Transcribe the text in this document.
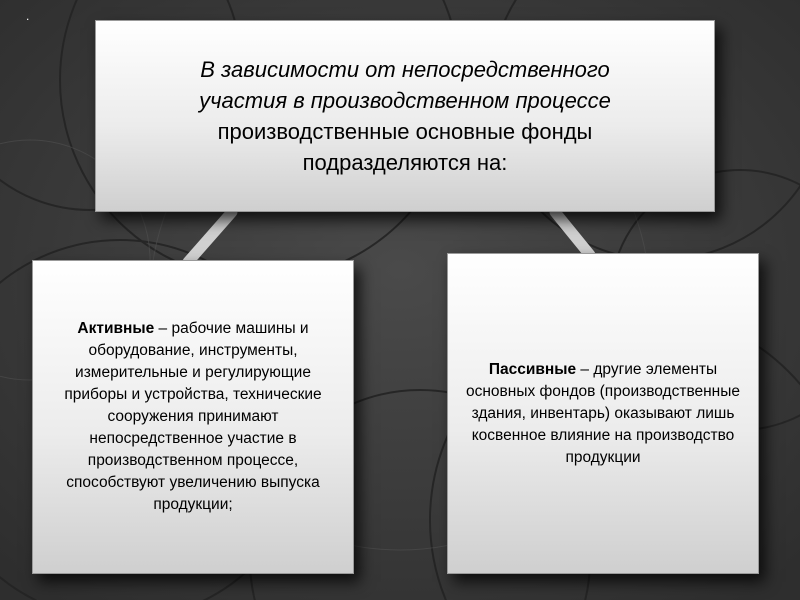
.
В зависимости от непосредственного
участия в производственном процессе
производственные основные фонды
подразделяются на:
Активные – рабочие машины и оборудование, инструменты, измерительные и регулирующие приборы и устройства, технические сооружения принимают непосредственное участие в производственном процессе, способствуют увеличению выпуска продукции;
Пассивные – другие элементы основных фондов (производственные здания, инвентарь) оказывают лишь косвенное влияние на производство продукции
